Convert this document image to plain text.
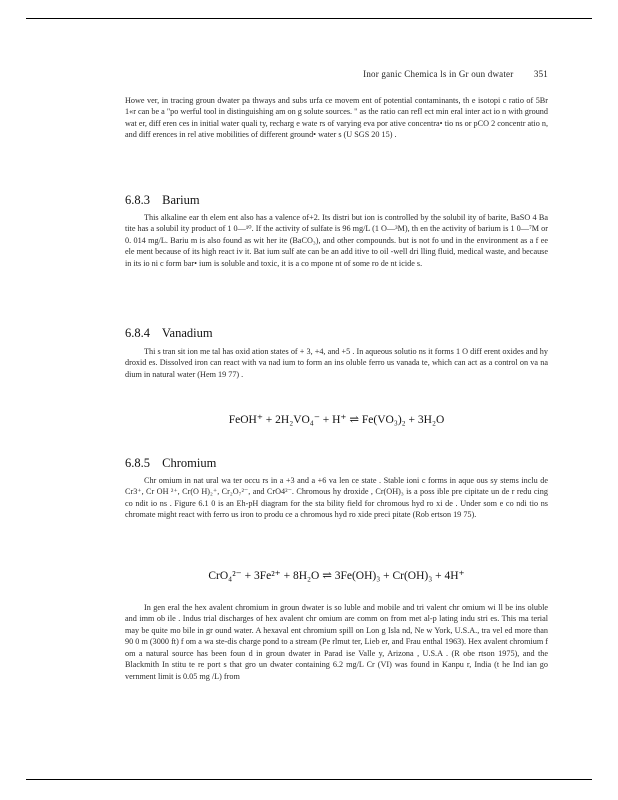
Inor ganic Chemica ls in Gr oun dwater 351

Howe ver, in tracing groun dwater pa thways and subs urfa ce movem ent of potential contaminants, th e isotopi c ratio of 5Br 1«r can be a "po werful tool in distinguishing am on g solute sources. " as the ratio can refl ect min eral inter act io n with ground wat er, diff eren ces in initial water quali ty, recharg e wate rs of varying eva por ative concentra• tio ns or pCO 2 concentr atio n, and diff erences in rel ative mobilities of different ground• water s (U SGS 20 15) .

6.8.3 Barium

This alkaline ear th elem ent also has a valence of+2. Its distri but ion is controlled by the solubil ity of barite, BaSO 4 Ba tite has a solubil ity product of 1 0—¹⁰. If the activity of sulfate is 96 mg/L (1 O—³M), th en the activity of barium is 1 0—⁷M or 0. 014 mg/L. Bariu m is also found as wit her ite (BaCO₃), and other compounds. but is not fo und in the environment as a f ee ele ment because of its high react iv it. Bat ium sulf ate can be an add itive to oil -well dri lling fluid, medical waste, and because in its io ni c form bar• ium is soluble and toxic, it is a co mpone nt of some ro de nt icide s.

6.8.4 Vanadium

Thi s tran sit ion me tal has oxid ation states of + 3, +4, and +5 . In aqueous solutio ns it forms 1 O diff erent oxides and hy droxid es. Dissolved iron can react with va nad ium to form an ins oluble ferro us vanada te, which can act as a control on va na dium in natural water (Hem 19 77) .

FeOH⁺ + 2H₂VO₄⁻ + H⁺ ⇌ Fe(VO₃)₂ + 3H₂O
6.8.5 Chromium

Chr omium in nat ural wa ter occu rs in a +3 and a +6 va len ce state . Stable ioni c forms in aque ous sy stems inclu de Cr3⁺, Cr OH ²⁺, Cr(O H)₂⁺, Cr₂O₇²⁻, and CrO4²⁻. Chromous hy droxide , Cr(OH)₃ is a poss ible pre cipitate un de r redu cing co ndit io ns . Figure 6.1 0 is an Eh-pH diagram for the sta bility field for chromous hyd ro xi de . Under som e co ndi tio ns chromate might react with ferro us iron to produ ce a chromous hyd ro xide preci pitate (Rob ertson 19 75).

CrO₄²⁻ + 3Fe²⁺ + 8H₂O ⇌ 3Fe(OH)₃ + Cr(OH)₃ + 4H⁺

In gen eral the hex avalent chromium in groun dwater is so luble and mobile and tri valent chr omium wi ll be ins oluble and imm ob ile . Indus trial discharges of hex avalent chr omium are comm on from met al-p lating indu stri es. This ma terial may be quite mo bile in gr ound water. A hexaval ent chromium spill on Lon g Isla nd, Ne w York, U.S.A., tra vel ed more than 90 0 m (3000 ft) f om a wa ste-dis charge pond to a stream (Pe rlmut ter, Lieb er, and Frau enthal 1963). Hex avalent chromium f om a natural source has been foun d in groun dwater in Parad ise Valle y, Arizona , U.S.A . (R obe rtson 1975), and the Blackmith In stitu te re port s that gro un dwater containing 6.2 mg/L Cr (VI) was found in Kanpu r, India (t he Ind ian go vernment limit is 0.05 mg /L) from
